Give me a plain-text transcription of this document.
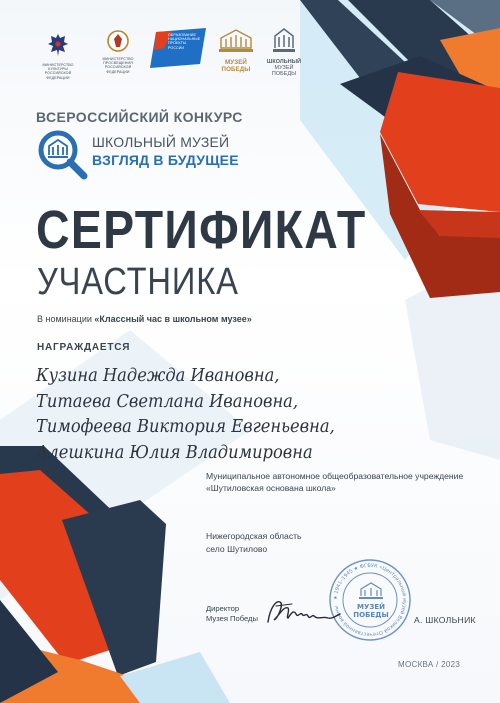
МИНИСТЕРСТВО КУЛЬТУРЫ
РОССИЙСКОЙ ФЕДЕРАЦИИ
МИНИСТЕРСТВО
ПРОСВЕЩЕНИЯ
РОССИЙСКОЙ
ФЕДЕРАЦИИ
ОБРАЗОВАНИЕ
НАЦИОНАЛЬНЫЕ
ПРОЕКТЫ
РОССИИ
МУЗЕЙ
ПОБЕДЫ
ШКОЛЬНЫЙ
МУЗЕЙ
ПОБЕДЫ
ВСЕРОССИЙСКИЙ КОНКУРС
ШКОЛЬНЫЙ МУЗЕЙ
ВЗГЛЯД В БУДУЩЕЕ
СЕРТИФИКАТ
УЧАСТНИКА
В номинации «Классный час в школьном музее»
НАГРАЖДАЕТСЯ
Кузина Надежда Ивановна,
Титаева Светлана Ивановна,
Тимофеева Виктория Евгеньевна,
Алешкина Юлия Владимировна
Муниципальное автономное общеобразовательное учреждение
«Шутиловская основана школа»
Нижегородская область
село Шутилово
★ 1941–1945 ★ ФГБУК «Центральный музей Великой Отечественной войны	МУЗЕЙ
ПОБЕДЫ
Директор
Музея Победы	А. ШКОЛЬНИК
МОСКВА / 2023
